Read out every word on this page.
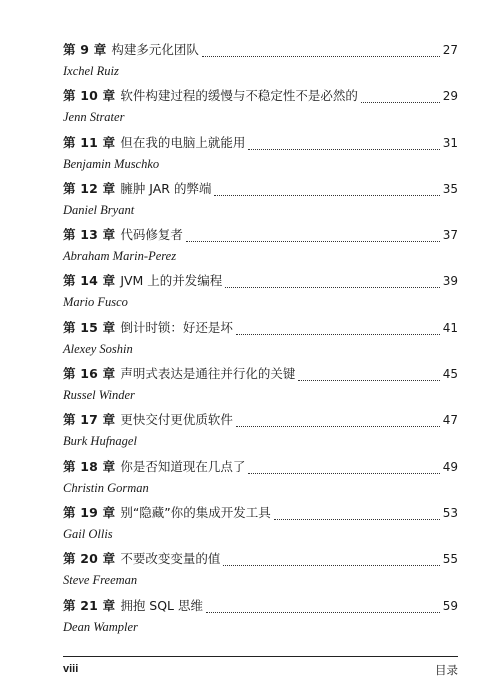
第 9 章 构建多元化团队	27
Ixchel Ruiz
第 10 章 软件构建过程的缓慢与不稳定性不是必然的	29
Jenn Strater
第 11 章 但在我的电脑上就能用	31
Benjamin Muschko
第 12 章 臃肿 JAR 的弊端	35
Daniel Bryant
第 13 章 代码修复者	37
Abraham Marin-Perez
第 14 章 JVM 上的并发编程	39
Mario Fusco
第 15 章 倒计时锁：好还是坏	41
Alexey Soshin
第 16 章 声明式表达是通往并行化的关键	45
Russel Winder
第 17 章 更快交付更优质软件	47
Burk Hufnagel
第 18 章 你是否知道现在几点了	49
Christin Gorman
第 19 章 别“隐藏”你的集成开发工具	53
Gail Ollis
第 20 章 不要改变变量的值	55
Steve Freeman
第 21 章 拥抱 SQL 思维	59
Dean Wampler
viii	目录
